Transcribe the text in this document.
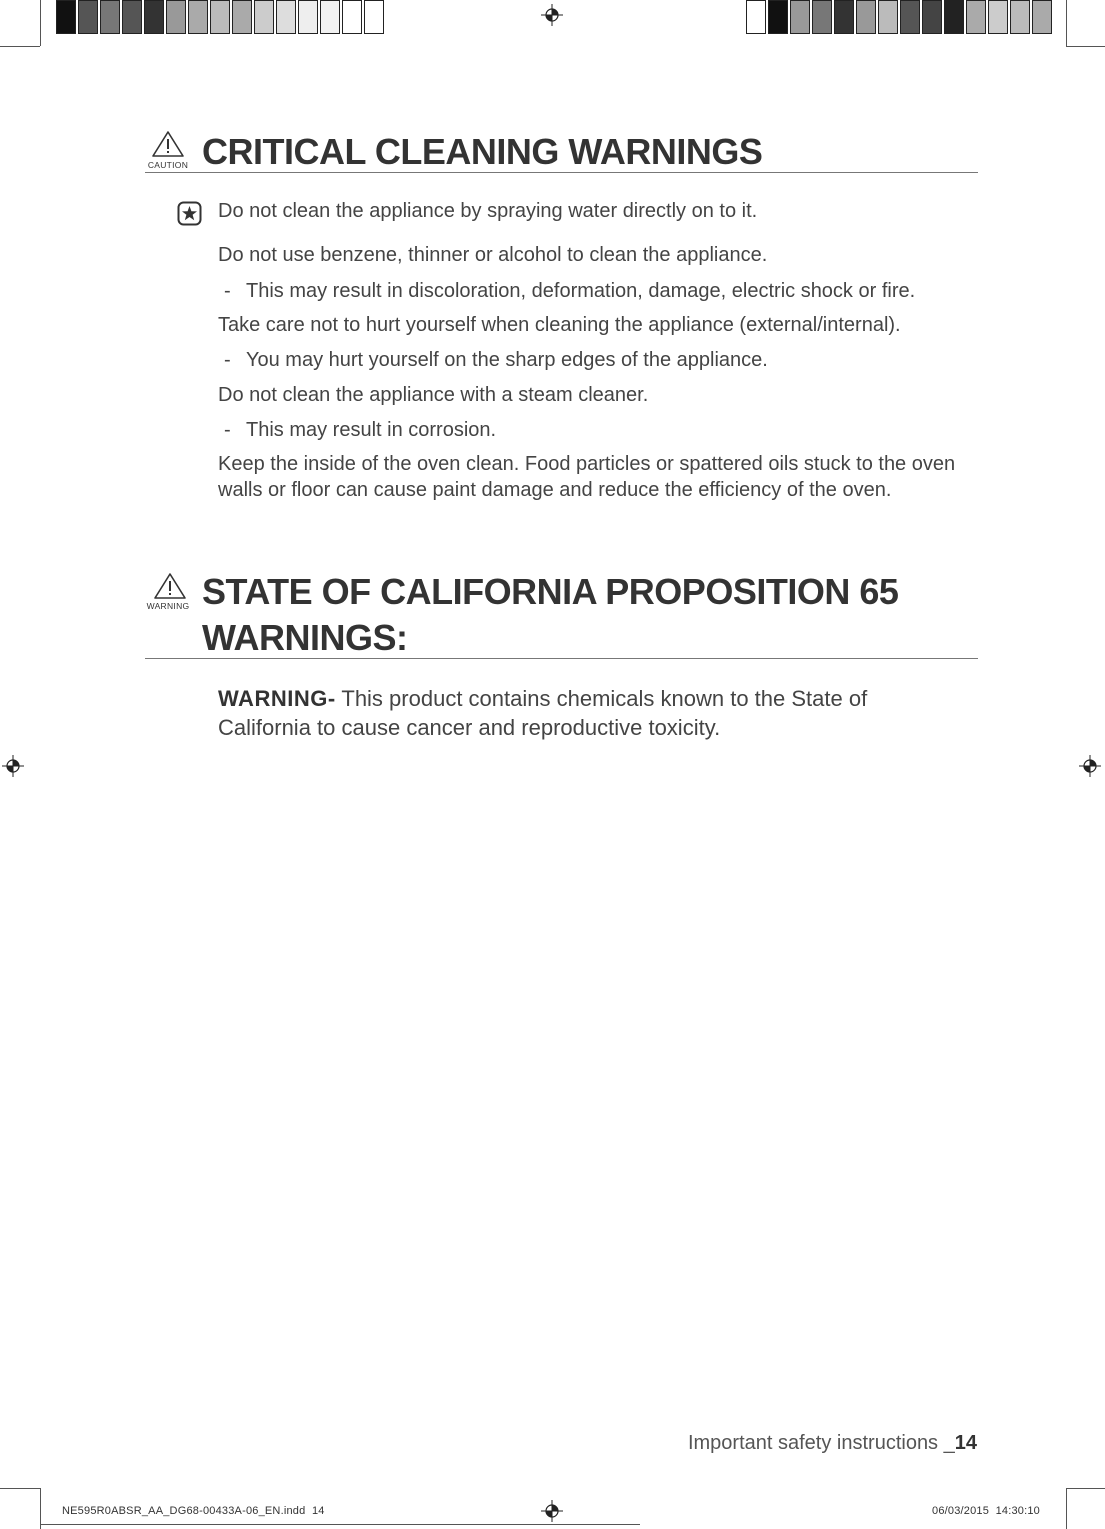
CAUTION CRITICAL CLEANING WARNINGS

Do not clean the appliance by spraying water directly on to it.

Do not use benzene, thinner or alcohol to clean the appliance.

- This may result in discoloration, deformation, damage, electric shock or fire.

Take care not to hurt yourself when cleaning the appliance (external/internal).

- You may hurt yourself on the sharp edges of the appliance.

Do not clean the appliance with a steam cleaner.

- This may result in corrosion.

Keep the inside of the oven clean. Food particles or spattered oils stuck to the oven walls or floor can cause paint damage and reduce the efficiency of the oven.

WARNING STATE OF CALIFORNIA PROPOSITION 65
WARNINGS:

WARNING- This product contains chemicals known to the State of California to cause cancer and reproductive toxicity.

Important safety instructions _14
NE595R0ABSR_AA_DG68-00433A-06_EN.indd 14	06/03/2015 14:30:10
